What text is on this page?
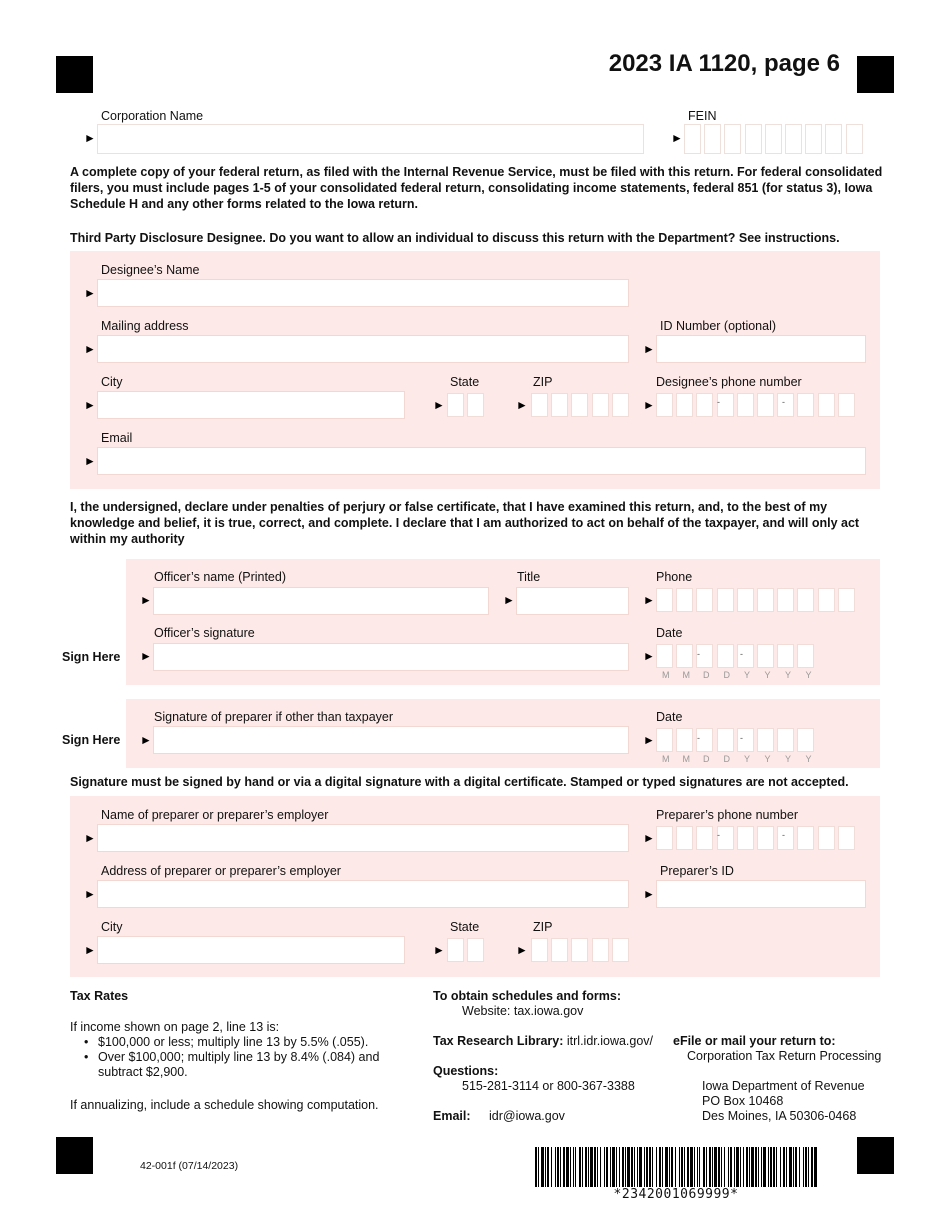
2023 IA 1120, page 6
Corporation Name
►
FEIN
►
A complete copy of your federal return, as filed with the Internal Revenue Service, must be filed with this return. For federal consolidated filers, you must include pages 1-5 of your consolidated federal return, consolidating income statements, federal 851 (for status 3), Iowa Schedule H and any other forms related to the Iowa return.
Third Party Disclosure Designee. Do you want to allow an individual to discuss this return with the Department? See instructions.
Designee’s Name
►
Mailing address
►
ID Number (optional)
►
City
►
State
►
ZIP
►
Designee’s phone number
►	-	-
Email
►
I, the undersigned, declare under penalties of perjury or false certificate, that I have examined this return, and, to the best of my knowledge and belief, it is true, correct, and complete. I declare that I am authorized to act on behalf of the taxpayer, and will only act within my authority
Officer’s name (Printed)
►
Title
►
Phone
►
Officer’s signature
Sign Here ►
Date
►	-	-
M M D D Y Y Y Y
Signature of preparer if other than taxpayer
Sign Here ►
Date
►	-	-
M M D D Y Y Y Y
Signature must be signed by hand or via a digital signature with a digital certificate. Stamped or typed signatures are not accepted.
Name of preparer or preparer’s employer
►
Preparer’s phone number
►	-	-
Address of preparer or preparer’s employer
►
Preparer’s ID
►
City
►
State
►
ZIP
►
Tax Rates
If income shown on page 2, line 13 is:
• $100,000 or less; multiply line 13 by 5.5% (.055).
• Over $100,000; multiply line 13 by 8.4% (.084) and subtract $2,900.
If annualizing, include a schedule showing computation.
To obtain schedules and forms:
Website: tax.iowa.gov
Tax Research Library: itrl.idr.iowa.gov/
Questions:
515-281-3114 or 800-367-3388
Email: idr@iowa.gov
eFile or mail your return to:
Corporation Tax Return Processing
Iowa Department of Revenue
PO Box 10468
Des Moines, IA 50306-0468
42-001f (07/14/2023)
*2342001069999*
